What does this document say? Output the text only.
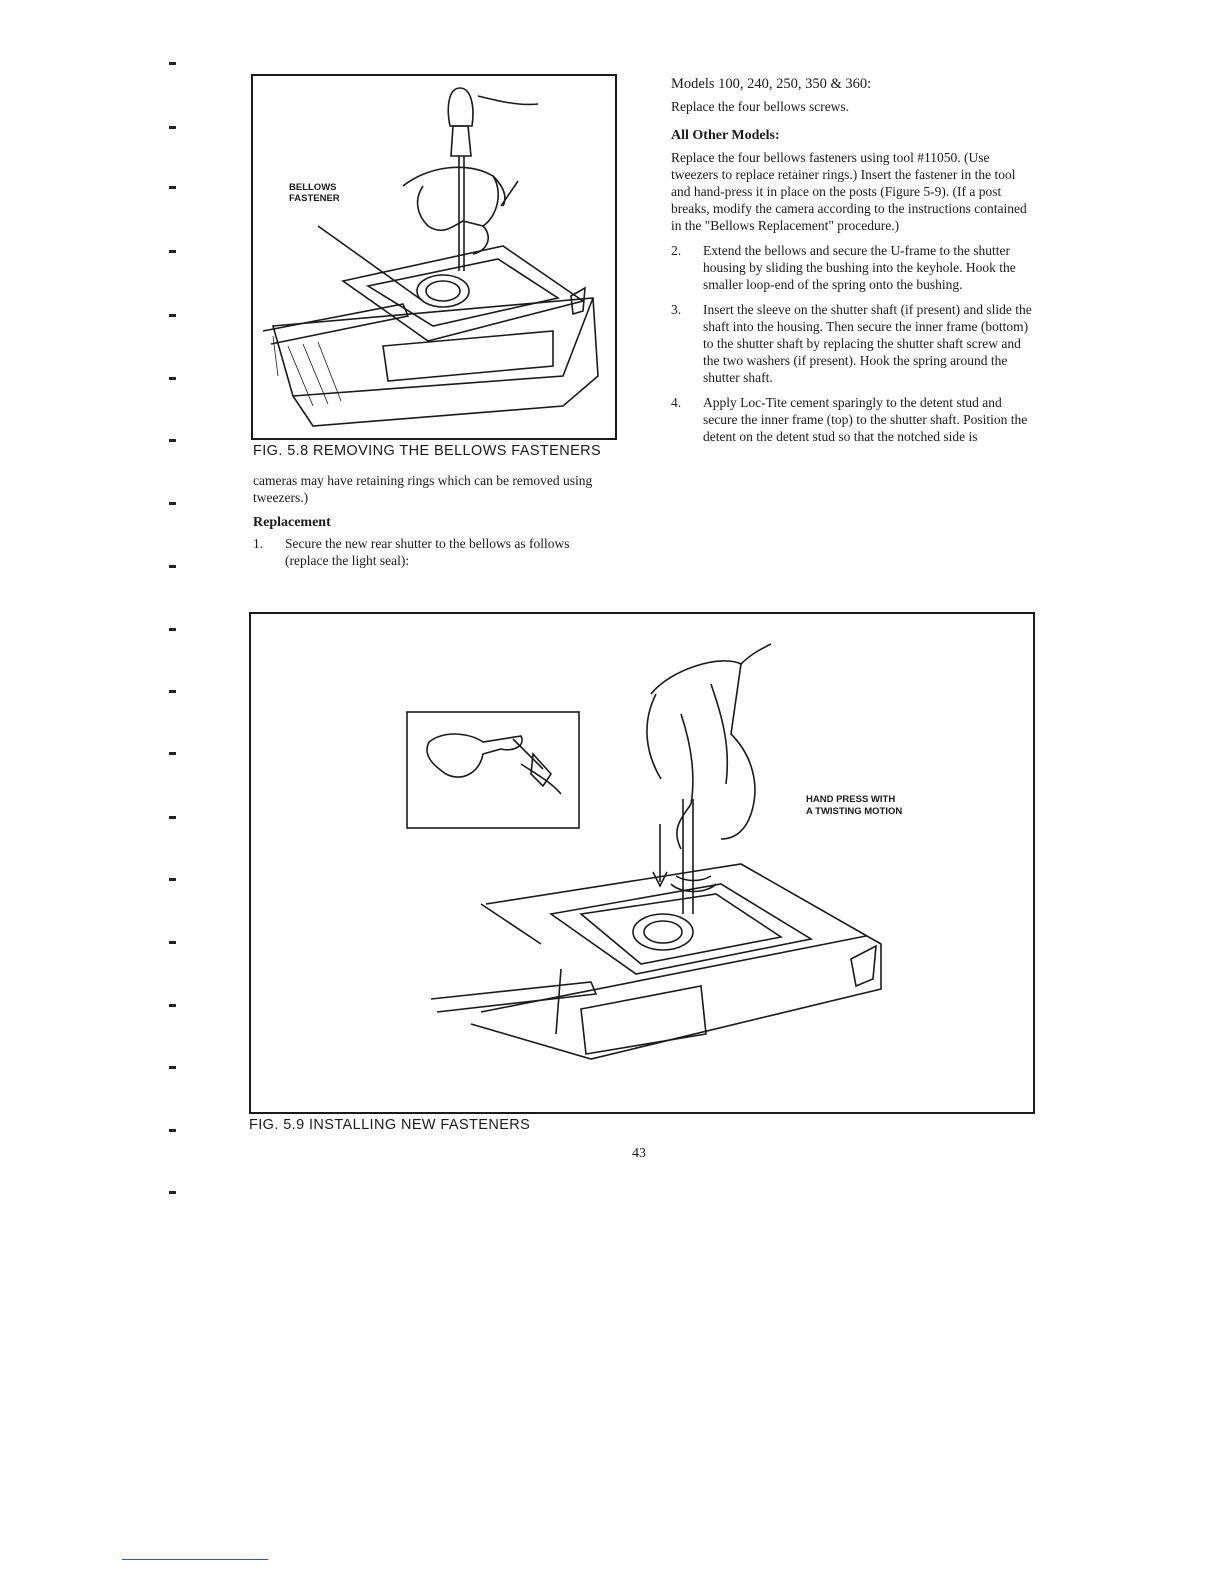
BELLOWS
FASTENER
FIG. 5.8 REMOVING THE BELLOWS FASTENERS

cameras may have retaining rings which can be removed using tweezers.)

Replacement

1.	Secure the new rear shutter to the bellows as follows (replace the light seal):

Models 100, 240, 250, 350 & 360:

Replace the four bellows screws.

All Other Models:

Replace the four bellows fasteners using tool #11050. (Use tweezers to replace retainer rings.) Insert the fastener in the tool and hand-press it in place on the posts (Figure 5-9). (If a post breaks, modify the camera according to the instructions contained in the "Bellows Replacement" procedure.)

2.	Extend the bellows and secure the U-frame to the shutter housing by sliding the bushing into the keyhole. Hook the smaller loop-end of the spring onto the bushing.
3.	Insert the sleeve on the shutter shaft (if present) and slide the shaft into the housing. Then secure the inner frame (bottom) to the shutter shaft by replacing the shutter shaft screw and the two washers (if present). Hook the spring around the shutter shaft.
4.	Apply Loc-Tite cement sparingly to the detent stud and secure the inner frame (top) to the shutter shaft. Position the detent on the detent stud so that the notched side is
HAND PRESS WITH
A TWISTING MOTION
FIG. 5.9 INSTALLING NEW FASTENERS
43
